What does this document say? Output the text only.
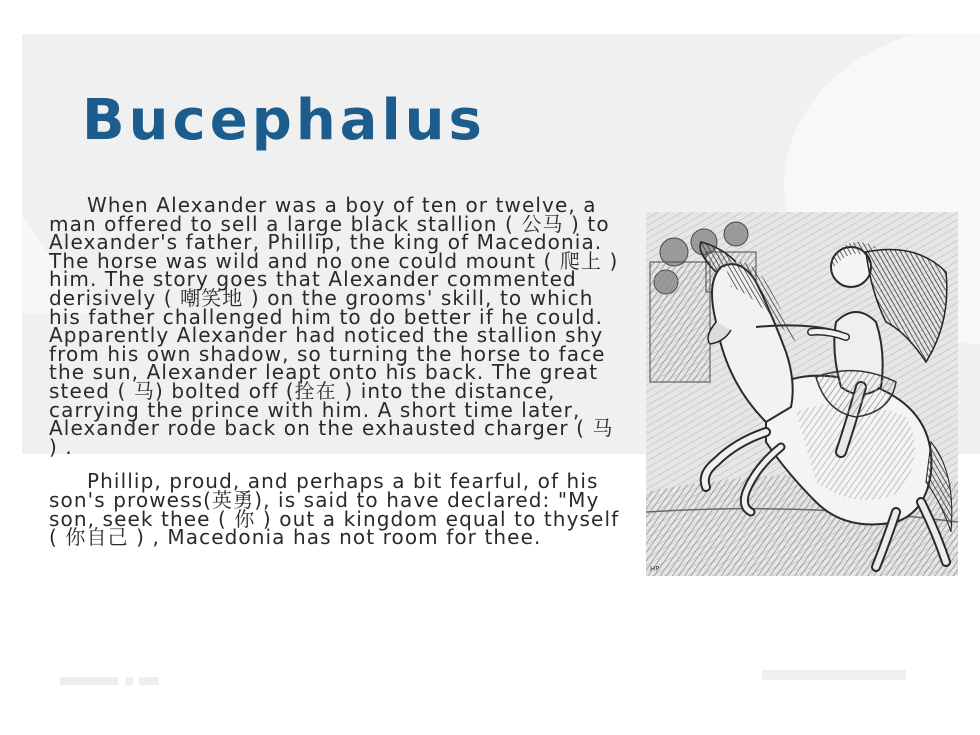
Bucephalus

When Alexander was a boy of ten or twelve, a man offered to sell a large black stallion ( 公马 ) to Alexander's father, Phillip, the king of Macedonia. The horse was wild and no one could mount ( 爬上 ) him. The story goes that Alexander commented derisively ( 嘲笑地 ) on the grooms' skill, to which his father challenged him to do better if he could. Apparently Alexander had noticed the stallion shy from his own shadow, so turning the horse to face the sun, Alexander leapt onto his back. The great steed ( 马) bolted off (拴在 ) into the distance, carrying the prince with him. A short time later, Alexander rode back on the exhausted charger ( 马 ) .

Phillip, proud, and perhaps a bit fearful, of his son's prowess(英勇), is said to have declared: "My son, seek thee ( 你 ) out a kingdom equal to thyself ( 你自己 ) , Macedonia has not room for thee.

ᴴᴾ
